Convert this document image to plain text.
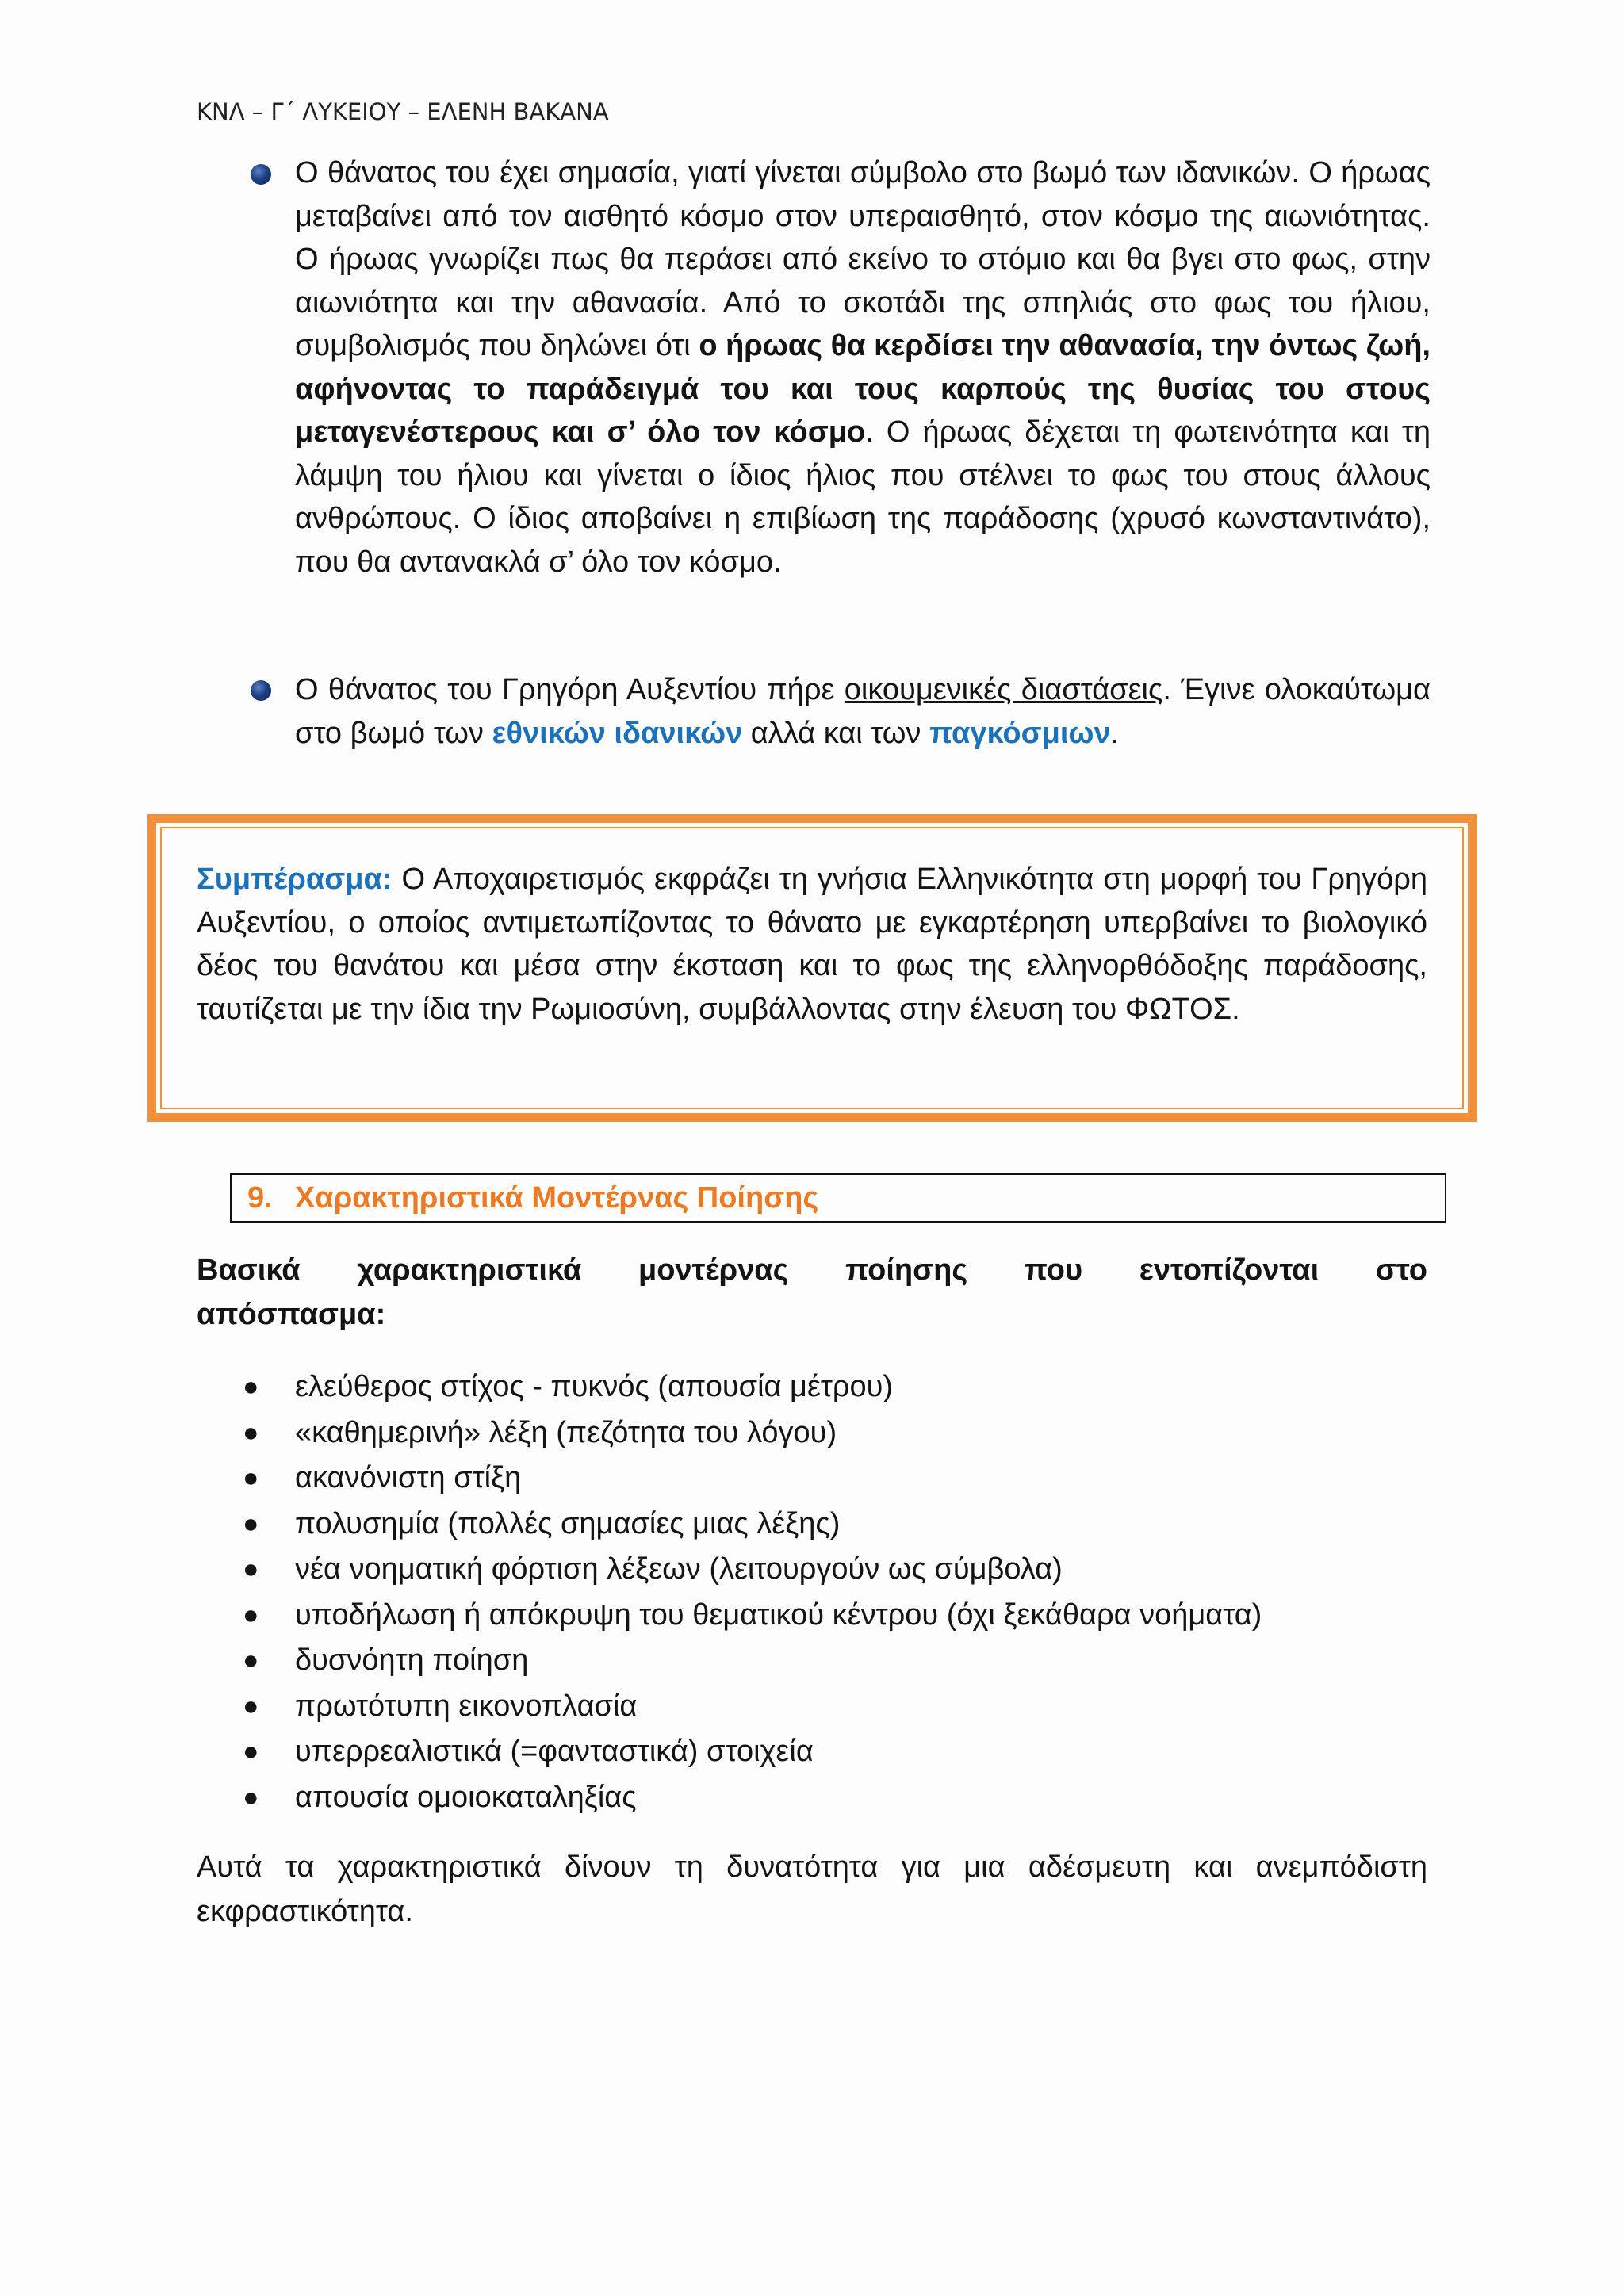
ΚΝΛ – Γ΄ ΛΥΚΕΙΟΥ – ΕΛΕΝΗ ΒΑΚΑΝΑ

Ο θάνατος του έχει σημασία, γιατί γίνεται σύμβολο στο βωμό των ιδανικών. Ο ήρωας μεταβαίνει από τον αισθητό κόσμο στον υπεραισθητό, στον κόσμο της αιωνιότητας. Ο ήρωας γνωρίζει πως θα περάσει από εκείνο το στόμιο και θα βγει στο φως, στην αιωνιότητα και την αθανασία. Από το σκοτάδι της σπηλιάς στο φως του ήλιου, συμβολισμός που δηλώνει ότι ο ήρωας θα κερδίσει την αθανασία, την όντως ζωή, αφήνοντας το παράδειγμά του και τους καρπούς της θυσίας του στους μεταγενέστερους και σ’ όλο τον κόσμο. Ο ήρωας δέχεται τη φωτεινότητα και τη λάμψη του ήλιου και γίνεται ο ίδιος ήλιος που στέλνει το φως του στους άλλους ανθρώπους. Ο ίδιος αποβαίνει η επιβίωση της παράδοσης (χρυσό κωνσταντινάτο), που θα αντανακλά σ’ όλο τον κόσμο.

Ο θάνατος του Γρηγόρη Αυξεντίου πήρε οικουμενικές διαστάσεις. Έγινε ολοκαύτωμα στο βωμό των εθνικών ιδανικών αλλά και των παγκόσμιων.

Συμπέρασμα: Ο Αποχαιρετισμός εκφράζει τη γνήσια Ελληνικότητα στη μορφή του Γρηγόρη Αυξεντίου, ο οποίος αντιμετωπίζοντας το θάνατο με εγκαρτέρηση υπερβαίνει το βιολογικό δέος του θανάτου και μέσα στην έκσταση και το φως της ελληνορθόδοξης παράδοσης, ταυτίζεται με την ίδια την Ρωμιοσύνη, συμβάλλοντας στην έλευση του ΦΩΤΟΣ.

9. Χαρακτηριστικά Μοντέρνας Ποίησης

Βασικά χαρακτηριστικά μοντέρνας ποίησης που εντοπίζονται στο
απόσπασμα:

● ελεύθερος στίχος - πυκνός (απουσία μέτρου)
● «καθημερινή» λέξη (πεζότητα του λόγου)
● ακανόνιστη στίξη
● πολυσημία (πολλές σημασίες μιας λέξης)
● νέα νοηματική φόρτιση λέξεων (λειτουργούν ως σύμβολα)
● υποδήλωση ή απόκρυψη του θεματικού κέντρου (όχι ξεκάθαρα νοήματα)
● δυσνόητη ποίηση
● πρωτότυπη εικονοπλασία
● υπερρεαλιστικά (=φανταστικά) στοιχεία
● απουσία ομοιοκαταληξίας

Αυτά τα χαρακτηριστικά δίνουν τη δυνατότητα για μια αδέσμευτη και ανεμπόδιστη εκφραστικότητα.
